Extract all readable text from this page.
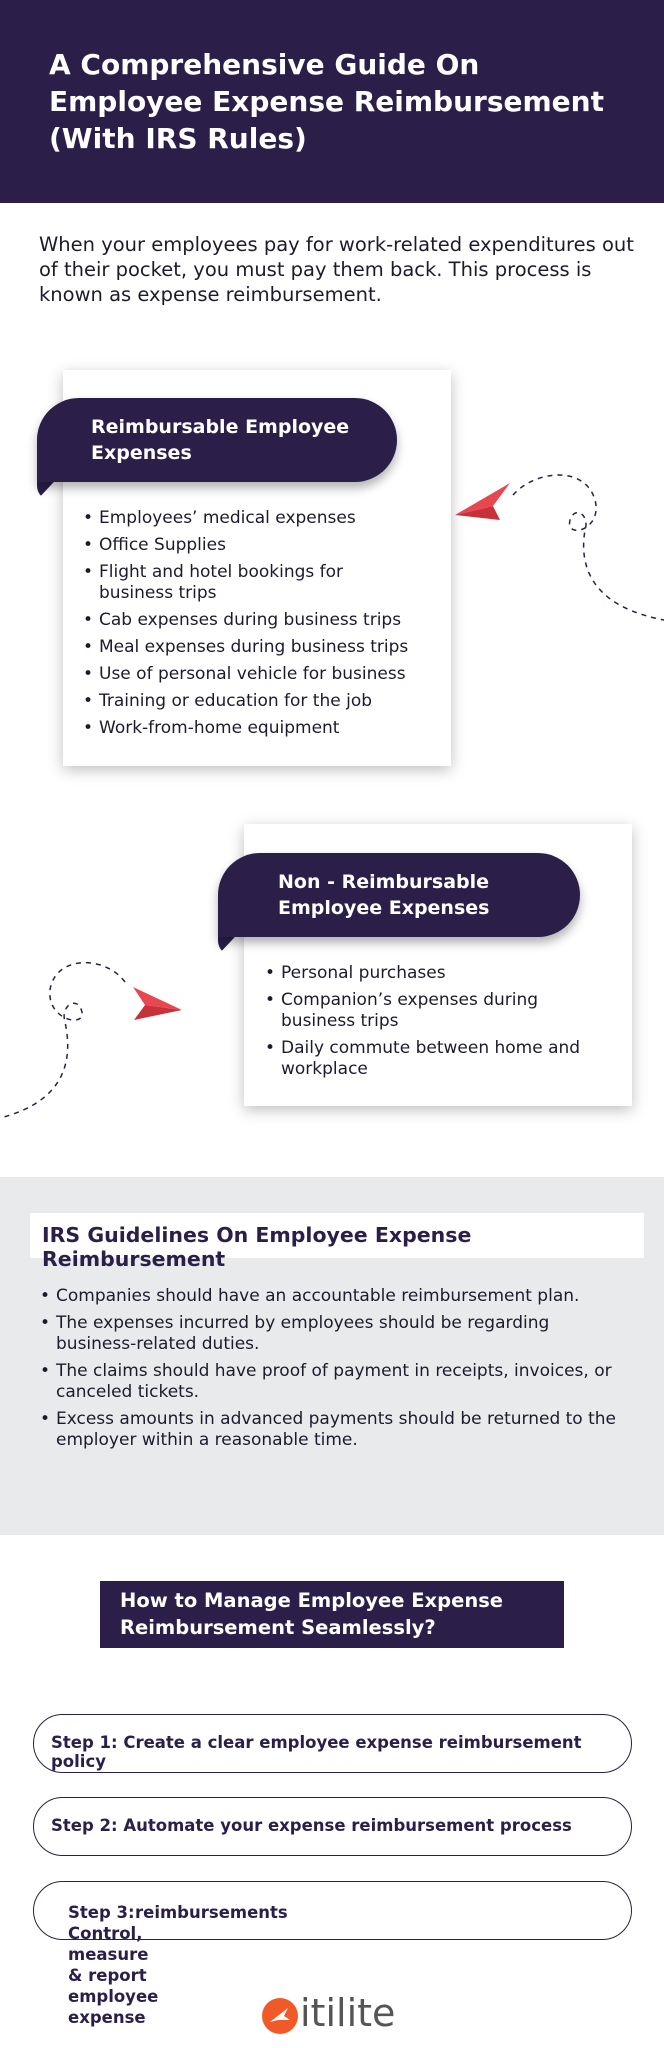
A Comprehensive Guide On
Employee Expense Reimbursement
(With IRS Rules)

When your employees pay for work-related expenditures out of their pocket, you must pay them back. This process is known as expense reimbursement.

Reimbursable Employee
Expenses
• Employees’ medical expenses
• Office Supplies
• Flight and hotel bookings for business trips
• Cab expenses during business trips
• Meal expenses during business trips
• Use of personal vehicle for business
• Training or education for the job
• Work-from-home equipment
Non - Reimbursable
Employee Expenses
• Personal purchases
• Companion’s expenses during business trips
• Daily commute between home and workplace
IRS Guidelines On Employee Expense Reimbursement
• Companies should have an accountable reimbursement plan.
• The expenses incurred by employees should be regarding business-related duties.
• The claims should have proof of payment in receipts, invoices, or canceled tickets.
• Excess amounts in advanced payments should be returned to the employer within a reasonable time.
How to Manage Employee Expense
Reimbursement Seamlessly?
Step 1: Create a clear employee expense reimbursement policy
Step 2: Automate your expense reimbursement process
Step 3: Control, measure & report employee expense
reimbursements
itilite
